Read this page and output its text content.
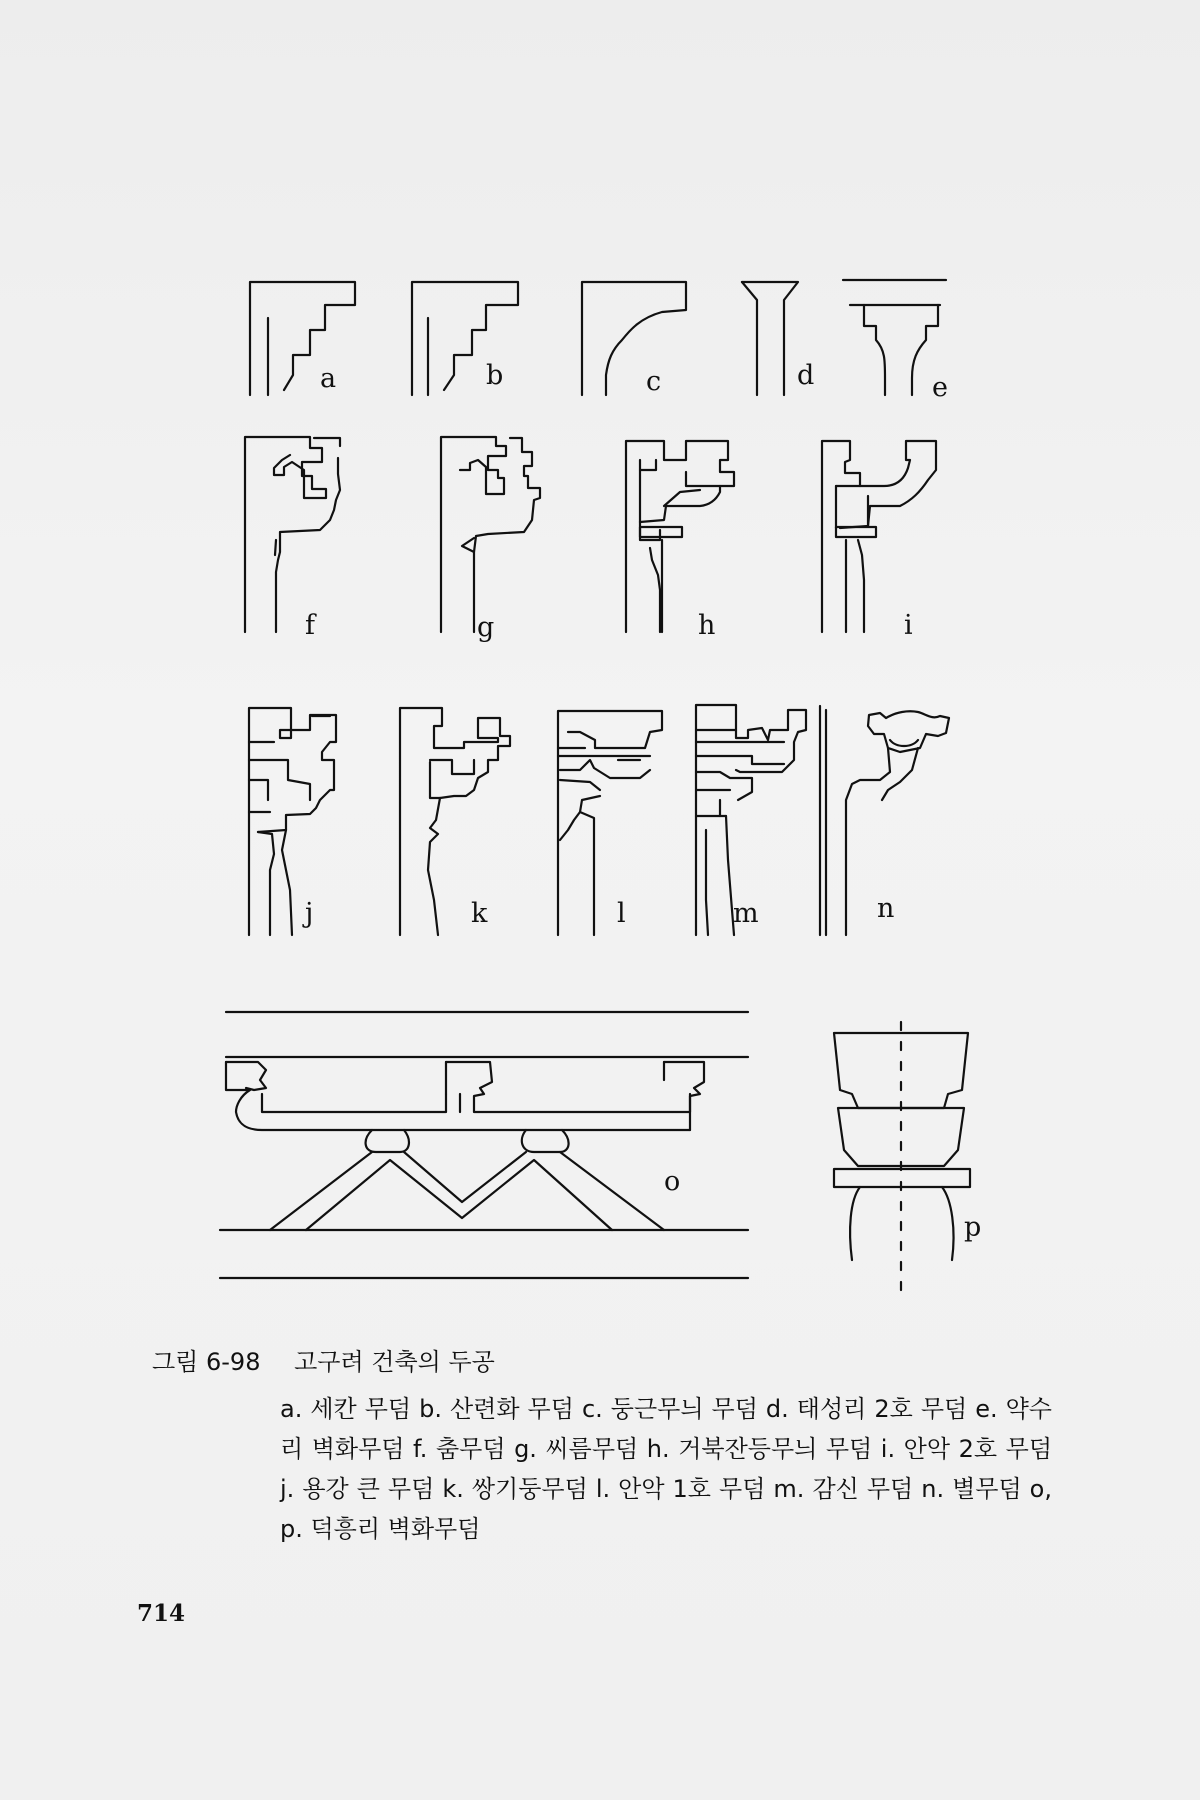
a	b	c	d	e
f	g	h	i
j	k	l	m	n
o
p
그림 6-98 고구려 건축의 두공
a. 세칸 무덤 b. 산련화 무덤 c. 둥근무늬 무덤 d. 태성리 2호 무덤 e. 약수리 벽화무덤 f. 춤무덤 g. 씨름무덤 h. 거북잔등무늬 무덤 i. 안악 2호 무덤 j. 용강 큰 무덤 k. 쌍기둥무덤 l. 안악 1호 무덤 m. 감신 무덤 n. 별무덤 o, p. 덕흥리 벽화무덤
714
